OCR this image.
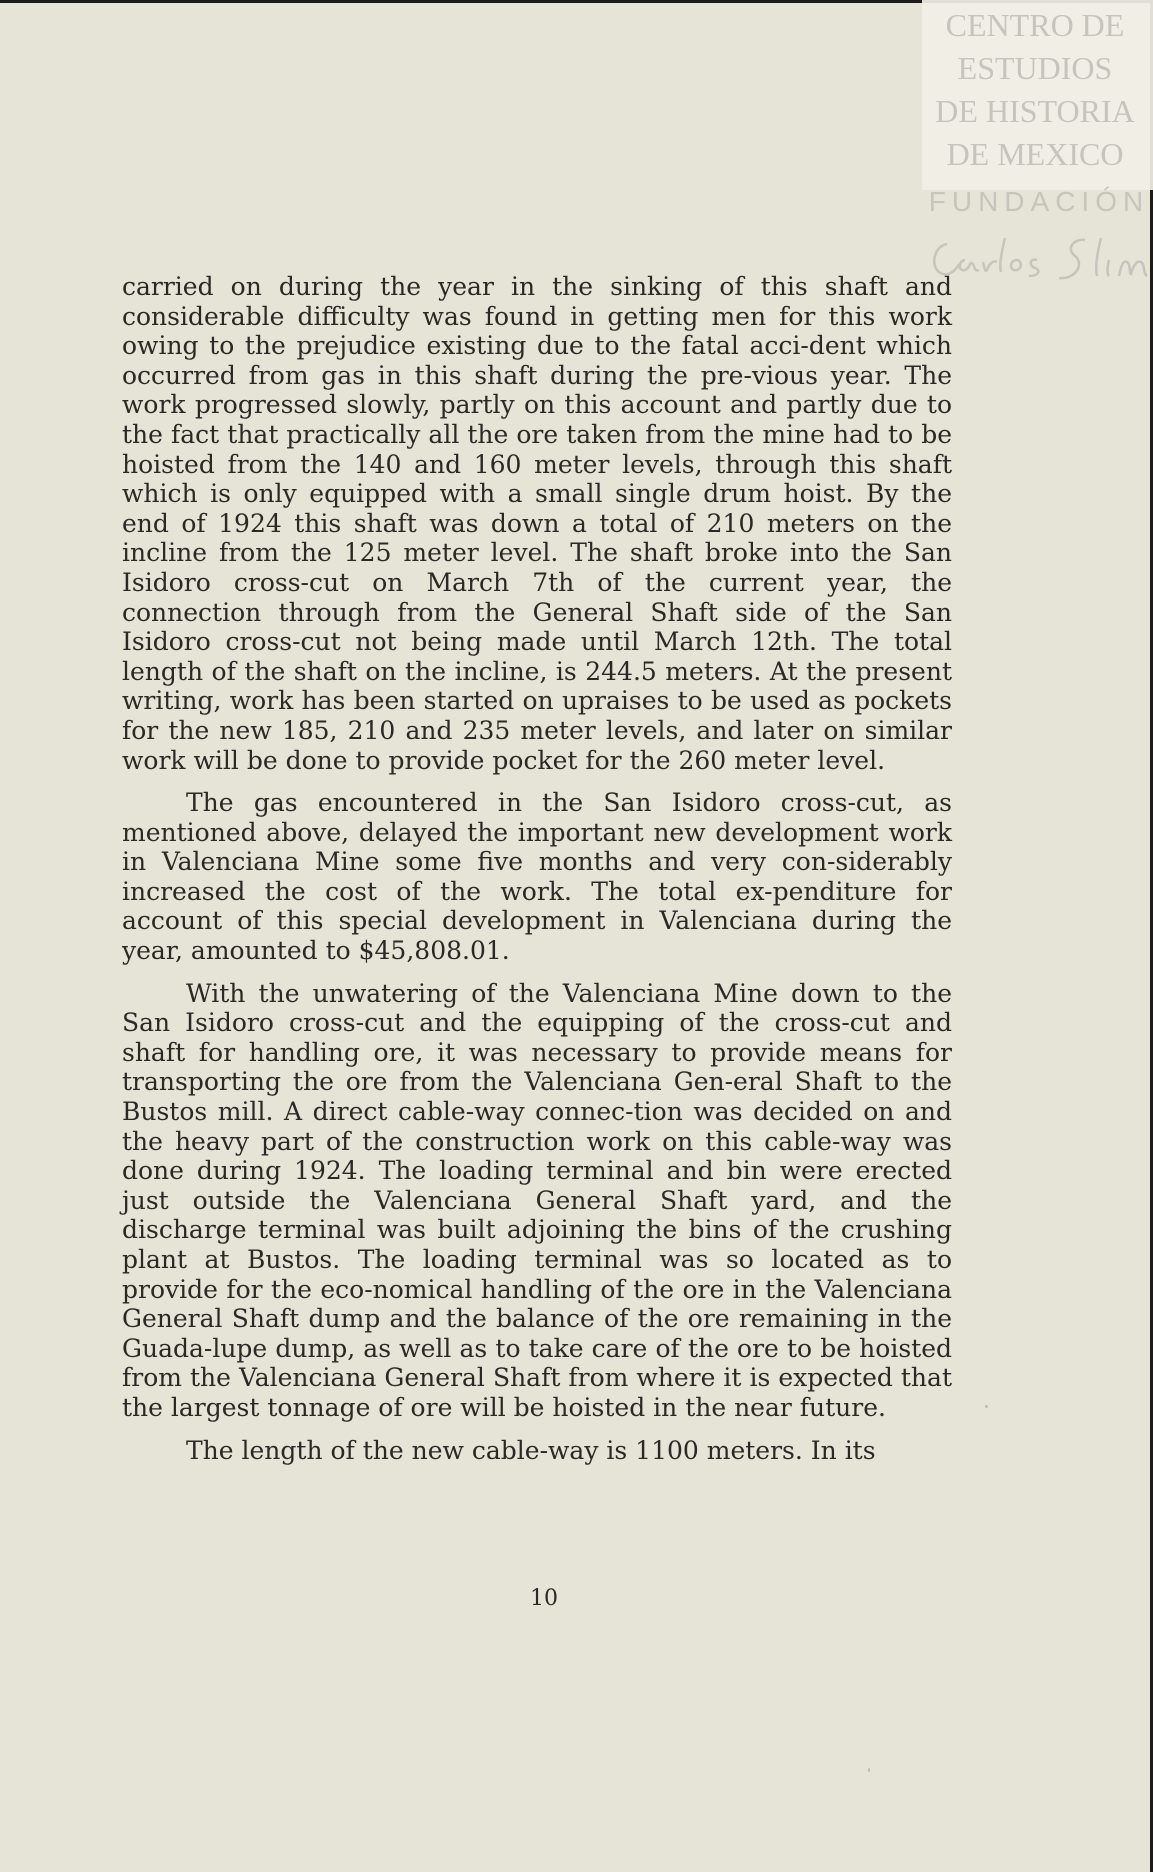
CENTRO DE
ESTUDIOS
DE HISTORIA
DE MEXICO
FUNDACIÓN

carried on during the year in the sinking of this shaft and considerable difficulty was found in getting men for this work owing to the prejudice existing due to the fatal acci-dent which occurred from gas in this shaft during the pre-vious year. The work progressed slowly, partly on this account and partly due to the fact that practically all the ore taken from the mine had to be hoisted from the 140 and 160 meter levels, through this shaft which is only equipped with a small single drum hoist. By the end of 1924 this shaft was down a total of 210 meters on the incline from the 125 meter level. The shaft broke into the San Isidoro cross-cut on March 7th of the current year, the connection through from the General Shaft side of the San Isidoro cross-cut not being made until March 12th. The total length of the shaft on the incline, is 244.5 meters. At the present writing, work has been started on upraises to be used as pockets for the new 185, 210 and 235 meter levels, and later on similar work will be done to provide pocket for the 260 meter level.

The gas encountered in the San Isidoro cross-cut, as mentioned above, delayed the important new development work in Valenciana Mine some five months and very con-siderably increased the cost of the work. The total ex-penditure for account of this special development in Valenciana during the year, amounted to $45,808.01.

With the unwatering of the Valenciana Mine down to the San Isidoro cross-cut and the equipping of the cross-cut and shaft for handling ore, it was necessary to provide means for transporting the ore from the Valenciana Gen-eral Shaft to the Bustos mill. A direct cable-way connec-tion was decided on and the heavy part of the construction work on this cable-way was done during 1924. The loading terminal and bin were erected just outside the Valenciana General Shaft yard, and the discharge terminal was built adjoining the bins of the crushing plant at Bustos. The loading terminal was so located as to provide for the eco-nomical handling of the ore in the Valenciana General Shaft dump and the balance of the ore remaining in the Guada-lupe dump, as well as to take care of the ore to be hoisted from the Valenciana General Shaft from where it is expected that the largest tonnage of ore will be hoisted in the near future.

The length of the new cable-way is 1100 meters. In its

10
